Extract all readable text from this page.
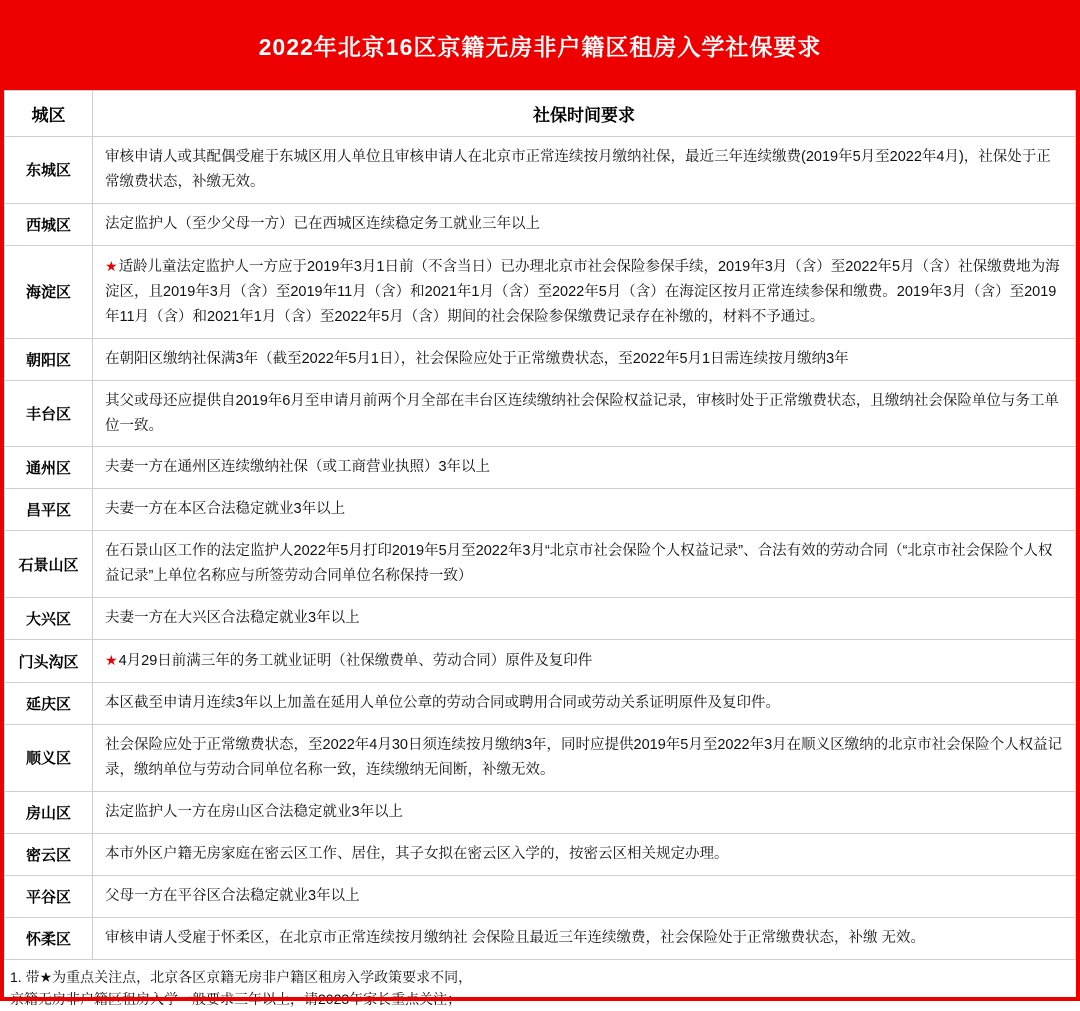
2022年北京16区京籍无房非户籍区租房入学社保要求
城区	社保时间要求
东城区	审核申请人或其配偶受雇于东城区用人单位且审核申请人在北京市正常连续按月缴纳社保，最近三年连续缴费(2019年5月至2022年4月)，社保处于正常缴费状态，补缴无效。
西城区	法定监护人（至少父母一方）已在西城区连续稳定务工就业三年以上
海淀区	★适龄儿童法定监护人一方应于2019年3月1日前（不含当日）已办理北京市社会保险参保手续，2019年3月（含）至2022年5月（含）社保缴费地为海淀区，且2019年3月（含）至2019年11月（含）和2021年1月（含）至2022年5月（含）在海淀区按月正常连续参保和缴费。2019年3月（含）至2019年11月（含）和2021年1月（含）至2022年5月（含）期间的社会保险参保缴费记录存在补缴的，材料不予通过。
朝阳区	在朝阳区缴纳社保满3年（截至2022年5月1日），社会保险应处于正常缴费状态，至2022年5月1日需连续按月缴纳3年
丰台区	其父或母还应提供自2019年6月至申请月前两个月全部在丰台区连续缴纳社会保险权益记录，审核时处于正常缴费状态，且缴纳社会保险单位与务工单位一致。
通州区	夫妻一方在通州区连续缴纳社保（或工商营业执照）3年以上
昌平区	夫妻一方在本区合法稳定就业3年以上
石景山区	在石景山区工作的法定监护人2022年5月打印2019年5月至2022年3月“北京市社会保险个人权益记录”、合法有效的劳动合同（“北京市社会保险个人权益记录”上单位名称应与所签劳动合同单位名称保持一致）
大兴区	夫妻一方在大兴区合法稳定就业3年以上
门头沟区	★4月29日前满三年的务工就业证明（社保缴费单、劳动合同）原件及复印件
延庆区	本区截至申请月连续3年以上加盖在延用人单位公章的劳动合同或聘用合同或劳动关系证明原件及复印件。
顺义区	社会保险应处于正常缴费状态，至2022年4月30日须连续按月缴纳3年，同时应提供2019年5月至2022年3月在顺义区缴纳的北京市社会保险个人权益记录，缴纳单位与劳动合同单位名称一致，连续缴纳无间断，补缴无效。
房山区	法定监护人一方在房山区合法稳定就业3年以上
密云区	本市外区户籍无房家庭在密云区工作、居住，其子女拟在密云区入学的，按密云区相关规定办理。
平谷区	父母一方在平谷区合法稳定就业3年以上
怀柔区	审核申请人受雇于怀柔区，在北京市正常连续按月缴纳社 会保险且最近三年连续缴费，社会保险处于正常缴费状态，补缴 无效。
1. 带★为重点关注点，北京各区京籍无房非户籍区租房入学政策要求不同，
